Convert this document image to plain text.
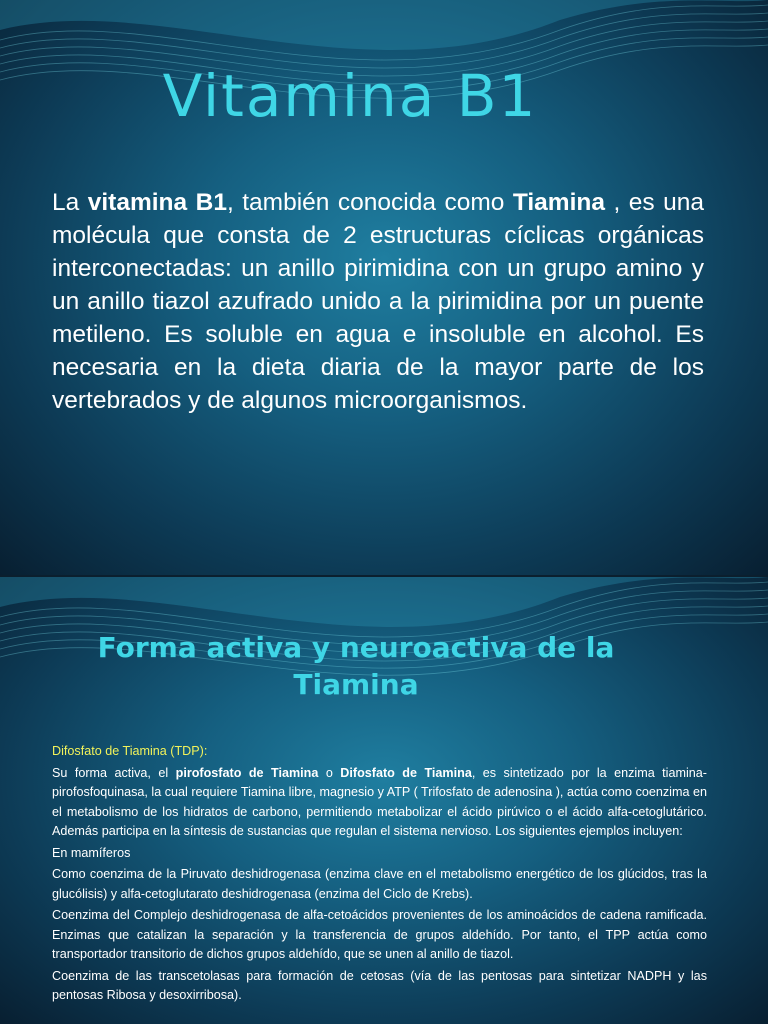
Vitamina B1

La vitamina B1, también conocida como Tiamina , es una molécula que consta de 2 estructuras cíclicas orgánicas interconectadas: un anillo pirimidina con un grupo amino y un anillo tiazol azufrado unido a la pirimidina por un puente metileno. Es soluble en agua e insoluble en alcohol. Es necesaria en la dieta diaria de la mayor parte de los vertebrados y de algunos microorganismos.

Forma activa y neuroactiva de la Tiamina

Difosfato de Tiamina (TDP):

Su forma activa, el pirofosfato de Tiamina o Difosfato de Tiamina, es sintetizado por la enzima tiamina-pirofosfoquinasa, la cual requiere Tiamina libre, magnesio y ATP ( Trifosfato de adenosina ), actúa como coenzima en el metabolismo de los hidratos de carbono, permitiendo metabolizar el ácido pirúvico o el ácido alfa-cetoglutárico. Además participa en la síntesis de sustancias que regulan el sistema nervioso. Los siguientes ejemplos incluyen:

En mamíferos

Como coenzima de la Piruvato deshidrogenasa (enzima clave en el metabolismo energético de los glúcidos, tras la glucólisis) y alfa-cetoglutarato deshidrogenasa (enzima del Ciclo de Krebs).

Coenzima del Complejo deshidrogenasa de alfa-cetoácidos provenientes de los aminoácidos de cadena ramificada. Enzimas que catalizan la separación y la transferencia de grupos aldehído. Por tanto, el TPP actúa como transportador transitorio de dichos grupos aldehído, que se unen al anillo de tiazol.

Coenzima de las transcetolasas para formación de cetosas (vía de las pentosas para sintetizar NADPH y las pentosas Ribosa y desoxirribosa).
